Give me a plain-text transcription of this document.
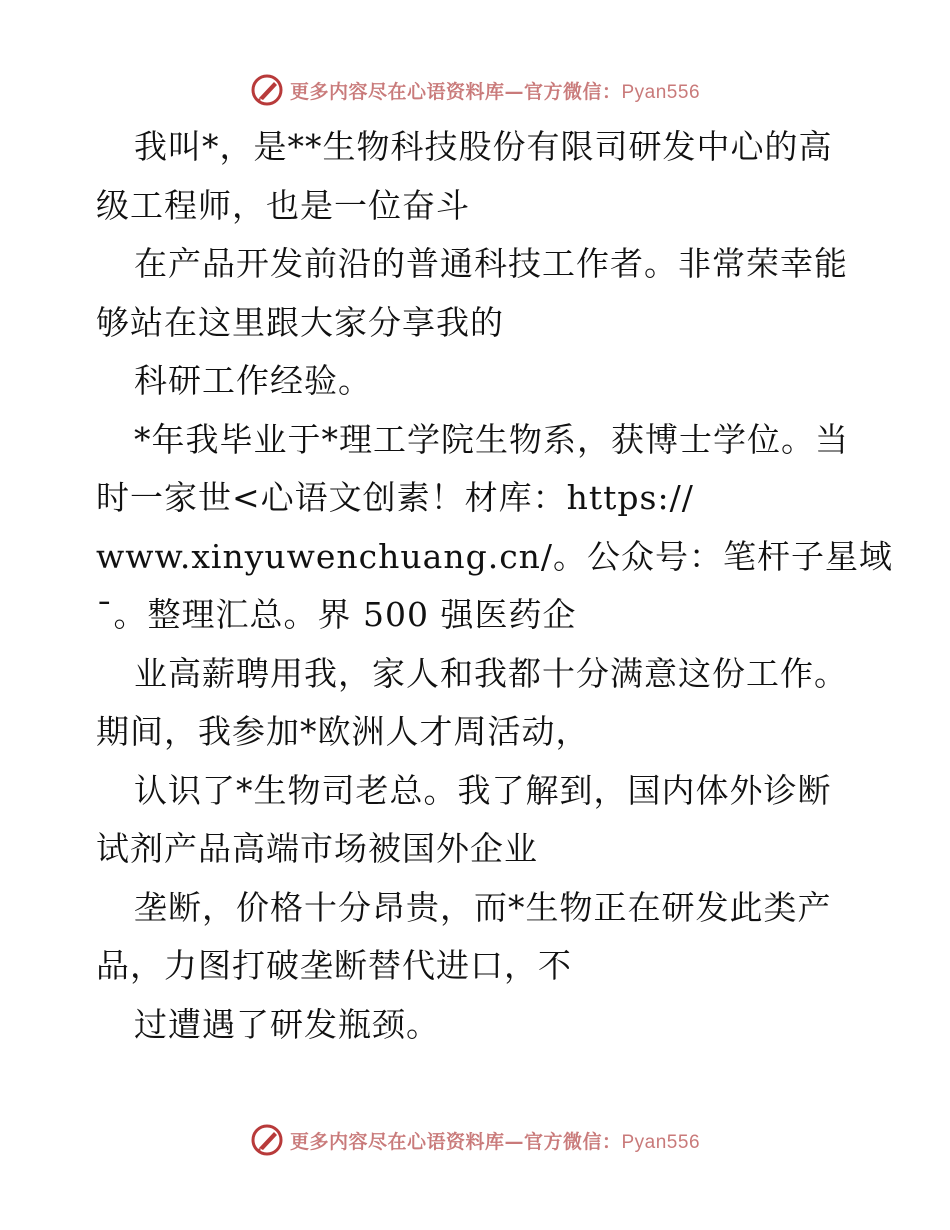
更多内容尽在心语资料库—官方微信：Pyan556
我叫*，是**生物科技股份有限司研发中心的高
级工程师，也是一位奋斗
在产品开发前沿的普通科技工作者。非常荣幸能
够站在这里跟大家分享我的
科研工作经验。
*年我毕业于*理工学院生物系，获博士学位。当
时一家世<心语文创素！材库：https://
www.xinyuwenchuang.cn/。公众号：笔杆子星域
¯。整理汇总。界 500 强医药企
业高薪聘用我，家人和我都十分满意这份工作。
期间，我参加*欧洲人才周活动，
认识了*生物司老总。我了解到，国内体外诊断
试剂产品高端市场被国外企业
垄断，价格十分昂贵，而*生物正在研发此类产
品，力图打破垄断替代进口，不
过遭遇了研发瓶颈。
更多内容尽在心语资料库—官方微信：Pyan556
